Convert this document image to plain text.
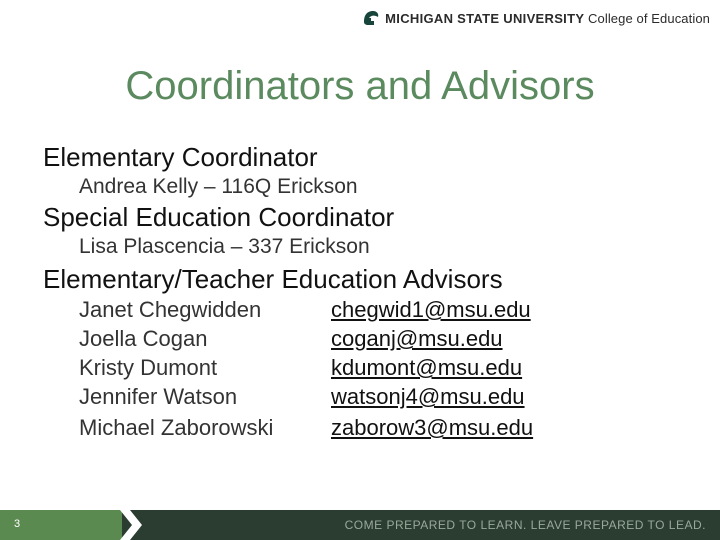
MICHIGAN STATE UNIVERSITY College of Education
Coordinators and Advisors
Elementary Coordinator
Andrea Kelly – 116Q Erickson
Special Education Coordinator
Lisa Plascencia – 337 Erickson
Elementary/Teacher Education Advisors
Janet Chegwidden	chegwid1@msu.edu
Joella Cogan	coganj@msu.edu
Kristy Dumont	kdumont@msu.edu
Jennifer Watson	watsonj4@msu.edu
Michael Zaborowski	zaborow3@msu.edu
3	COME PREPARED TO LEARN. LEAVE PREPARED TO LEAD.
